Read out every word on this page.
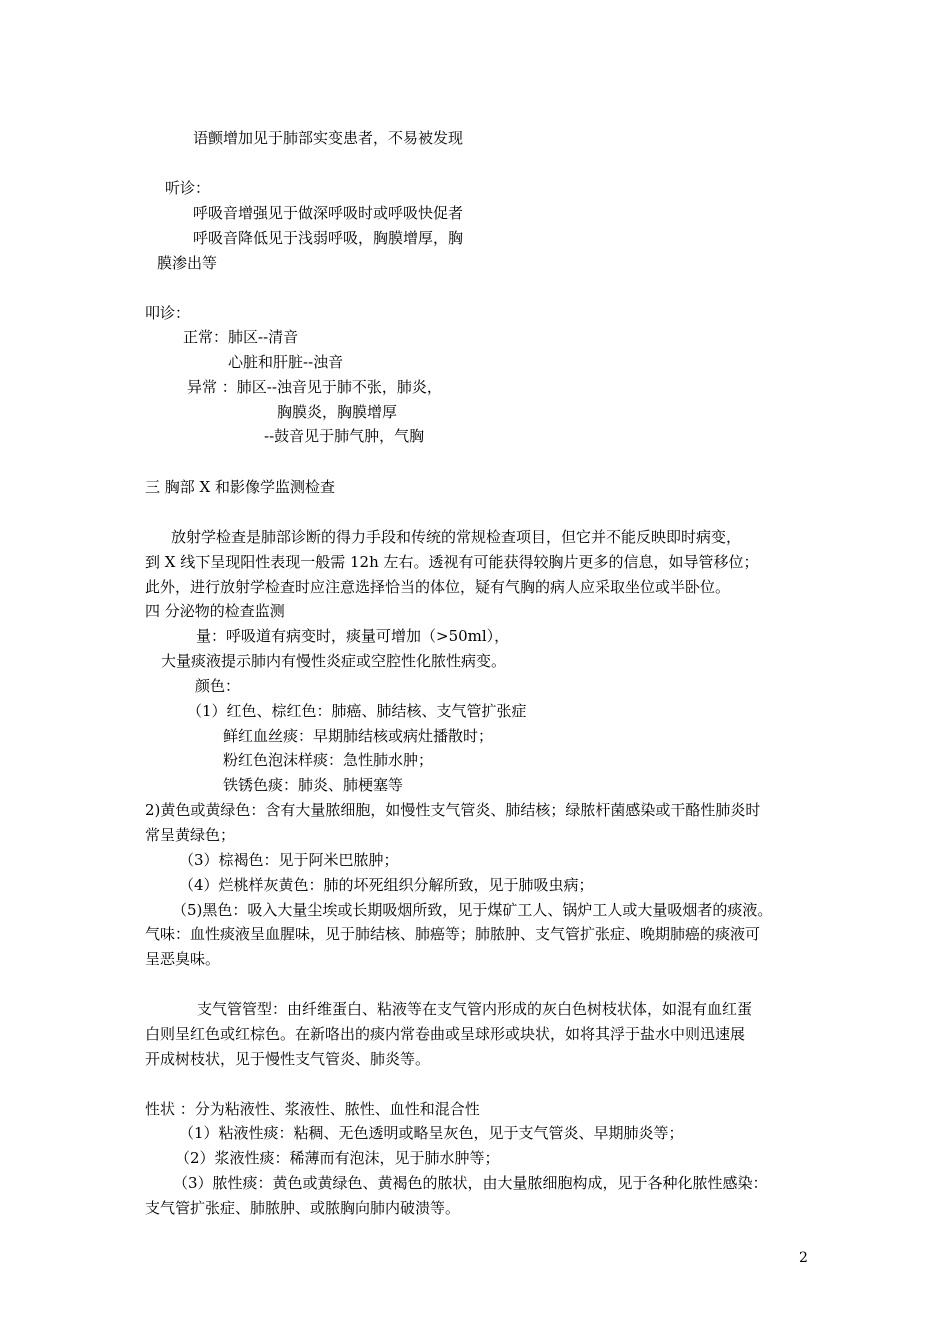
语颤增加见于肺部实变患者，不易被发现
听诊：
呼吸音增强见于做深呼吸时或呼吸快促者
呼吸音降低见于浅弱呼吸，胸膜增厚，胸
膜渗出等
叩诊：
正常：肺区--清音
心脏和肝脏--浊音
异常 ：肺区--浊音见于肺不张，肺炎，
胸膜炎，胸膜增厚
--鼓音见于肺气肿，气胸
三 胸部 X 和影像学监测检查
放射学检查是肺部诊断的得力手段和传统的常规检查项目，但它并不能反映即时病变，
到 X 线下呈现阳性表现一般需 12h 左右。透视有可能获得较胸片更多的信息，如导管移位；
此外，进行放射学检查时应注意选择恰当的体位，疑有气胸的病人应采取坐位或半卧位。
四 分泌物的检查监测
量：呼吸道有病变时，痰量可增加（>50ml），
大量痰液提示肺内有慢性炎症或空腔性化脓性病变。
颜色：
（1）红色、棕红色：肺癌、肺结核、支气管扩张症
鲜红血丝痰：早期肺结核或病灶播散时；
粉红色泡沫样痰：急性肺水肿；
铁锈色痰：肺炎、肺梗塞等
2)黄色或黄绿色：含有大量脓细胞，如慢性支气管炎、肺结核；绿脓杆菌感染或干酪性肺炎时
常呈黄绿色；
（3）棕褐色：见于阿米巴脓肿；
（4）烂桃样灰黄色：肺的坏死组织分解所致，见于肺吸虫病；
（5)黑色：吸入大量尘埃或长期吸烟所致，见于煤矿工人、锅炉工人或大量吸烟者的痰液。
气味：血性痰液呈血腥味，见于肺结核、肺癌等；肺脓肿、支气管扩张症、晚期肺癌的痰液可
呈恶臭味。
支气管管型：由纤维蛋白、粘液等在支气管内形成的灰白色树枝状体，如混有血红蛋
白则呈红色或红棕色。在新咯出的痰内常卷曲或呈球形或块状，如将其浮于盐水中则迅速展
开成树枝状，见于慢性支气管炎、肺炎等。
性状 ：分为粘液性、浆液性、脓性、血性和混合性
（1）粘液性痰：粘稠、无色透明或略呈灰色，见于支气管炎、早期肺炎等；
（2）浆液性痰：稀薄而有泡沫，见于肺水肿等；
（3）脓性痰：黄色或黄绿色、黄褐色的脓状，由大量脓细胞构成，见于各种化脓性感染：
支气管扩张症、肺脓肿、或脓胸向肺内破溃等。
2
